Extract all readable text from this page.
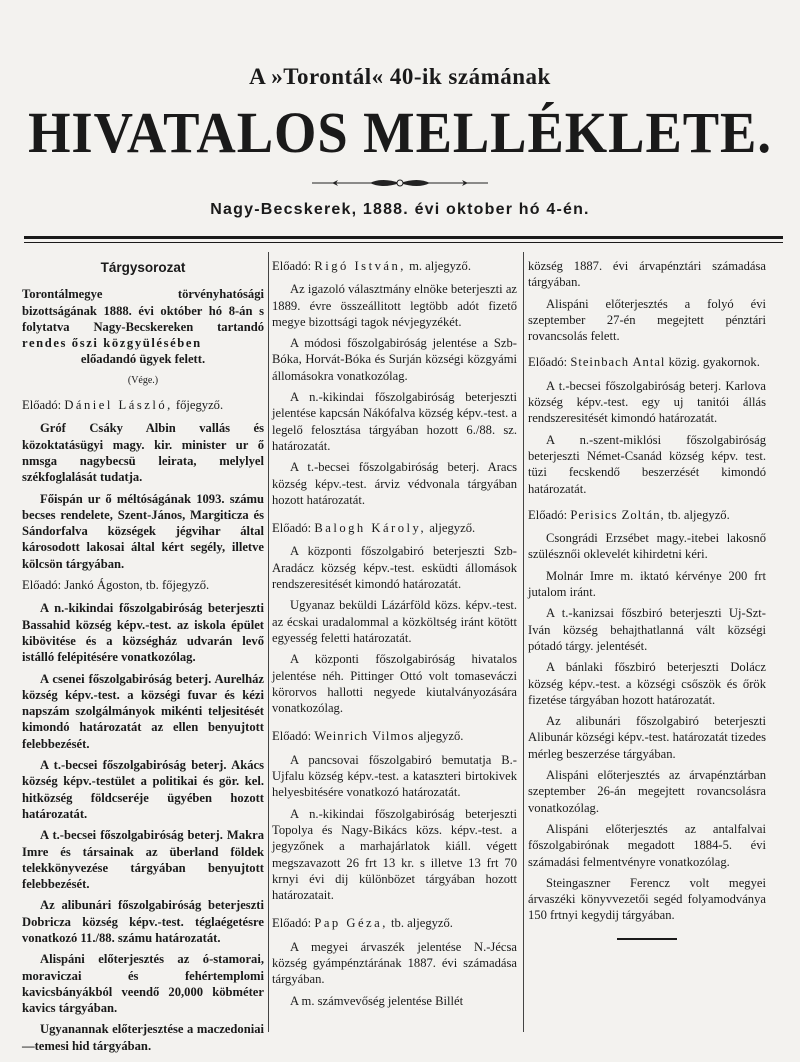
A »Torontál« 40-ik számának
HIVATALOS MELLÉKLETE.
Nagy-Becskerek, 1888. évi oktober hó 4-én.

Tárgysorozat

Torontálmegye törvényhatósági bizottságának 1888. évi október hó 8-án s folytatva Nagy-Becskereken tartandó rendes őszi közgyülésében
előadandó ügyek felett.

(Vége.)

Előadó: Dániel László, főjegyző.

Gróf Csáky Albin vallás és közoktatásügyi magy. kir. minister ur ő nmsga nagybecsü leirata, melylyel székfoglalását tudatja.

Főispán ur ő méltóságának 1093. számu becses rendelete, Szent-János, Margiticza és Sándorfalva községek jégvihar által károsodott lakosai által kért segély, illetve kölcsön tárgyában.

Előadó: Jankó Ágoston, tb. főjegyző.

A n.-kikindai főszolgabiróság beterjeszti Bassahid község képv.-test. az iskola épület kibövitése és a községház udvarán levő istálló felépitésére vonatkozólag.

A csenei főszolgabiróság beterj. Aurelház község képv.-test. a községi fuvar és kézi napszám szolgálmányok mikénti teljesitését kimondó határozatát az ellen benyujtott felebbezését.

A t.-becsei főszolgabiróság beterj. Akács község képv.-testület a politikai és gör. kel. hitközség földcseréje ügyében hozott határozatát.

A t.-becsei főszolgabiróság beterj. Makra Imre és társainak az überland földek telekkönyvezése tárgyában benyujtott felebbezését.

Az alibunári főszolgabiróság beterjeszti Dobricza község képv.-test. téglaégetésre vonatkozó 11./88. számu határozatát.

Alispáni előterjesztés az ó-stamorai, moraviczai és fehértemplomi kavicsbányákból veendő 20,000 köbméter kavics tárgyában.

Ugyanannak előterjesztése a maczedoniai—temesi hid tárgyában.

Előadó: Rigó István, m. aljegyző.

Az igazoló választmány elnöke beterjeszti az 1889. évre összeállitott legtöbb adót fizető megye bizottsági tagok névjegyzékét.

A módosi főszolgabiróság jelentése a Szb-Bóka, Horvát-Bóka és Surján községi közgyámi állomásokra vonatkozólag.

A n.-kikindai főszolgabiróság beterjeszti jelentése kapcsán Nákófalva község képv.-test. a legelő felosztása tárgyában hozott 6./88. sz. határozatát.

A t.-becsei főszolgabiróság beterj. Aracs község képv.-test. árviz védvonala tárgyában hozott határozatát.

Előadó: Balogh Károly, aljegyző.

A központi főszolgabiró beterjeszti Szb-Aradácz község képv.-test. esküdti állomások rendszeresitését kimondó határozatát.

Ugyanaz beküldi Lázárföld közs. képv.-test. az écskai uradalommal a közköltség iránt kötött egyesség feletti határozatát.

A központi főszolgabiróság hivatalos jelentése néh. Pittinger Ottó volt tomaseváczi körorvos hallotti negyede kiutalványozására vonatkozólag.

Előadó: Weinrich Vilmos aljegyző.

A pancsovai főszolgabiró bemutatja B.-Ujfalu község képv.-test. a kataszteri birtokivek helyesbitésére vonatkozó határozatát.

A n.-kikindai főszolgabiróság beterjeszti Topolya és Nagy-Bikács közs. képv.-test. a jegyzőnek a marhajárlatok kiáll. végett megszavazott 26 frt 13 kr. s illetve 13 frt 70 krnyi évi dij különbözet tárgyában hozott határozatait.

Előadó: Pap Géza, tb. aljegyző.

A megyei árvaszék jelentése N.-Jécsa község gyámpénztárának 1887. évi számadása tárgyában.

A m. számvevőség jelentése Billét

község 1887. évi árvapénztári számadása tárgyában.

Alispáni előterjesztés a folyó évi szeptember 27-én megejtett pénztári rovancsolás felett.

Előadó: Steinbach Antal közig. gyakornok.

A t.-becsei főszolgabiróság beterj. Karlova község képv.-test. egy uj tanitói állás rendszeresitését kimondó határozatát.

A n.-szent-miklósi főszolgabiróság beterjeszti Német-Csanád község képv. test. tüzi fecskendő beszerzését kimondó határozatát.

Előadó: Perisics Zoltán, tb. aljegyző.

Csongrádi Erzsébet magy.-itebei lakosnő szülésznői oklevelét kihirdetni kéri.

Molnár Imre m. iktató kérvénye 200 frt jutalom iránt.

A t.-kanizsai főszbiró beterjeszti Uj-Szt-Iván község behajthatlanná vált községi pótadó tárgy. jelentését.

A bánlaki főszbiró beterjeszti Dolácz község képv.-test. a községi csőszök és őrök fizetése tárgyában hozott határozatát.

Az alibunári főszolgabiró beterjeszti Alibunár községi képv.-test. határozatát tizedes mérleg beszerzése tárgyában.

Alispáni előterjesztés az árvapénztárban szeptember 26-án megejtett rovancsolásra vonatkozólag.

Alispáni előterjesztés az antalfalvai főszolgabirónak megadott 1884-5. évi számadási felmentvényre vonatkozólag.

Steingaszner Ferencz volt megyei árvaszéki könyvvezetői segéd folyamodványa 150 frtnyi kegydij tárgyában.
